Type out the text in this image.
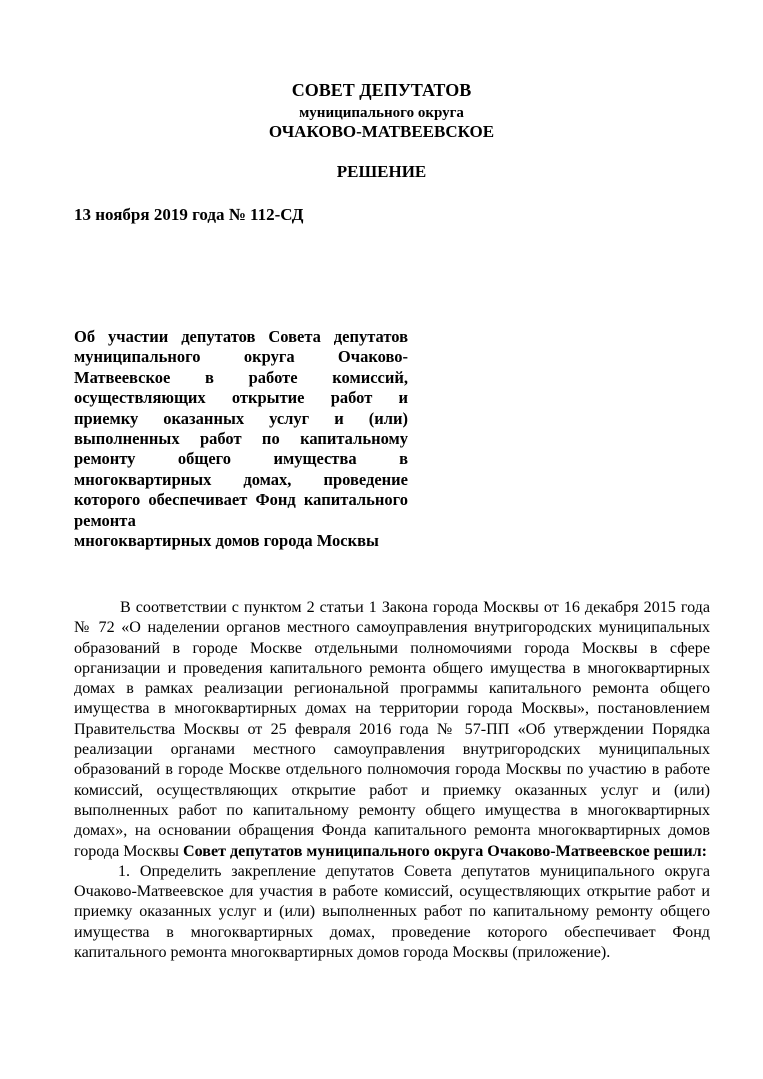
СОВЕТ ДЕПУТАТОВ
муниципального округа
ОЧАКОВО-МАТВЕЕВСКОЕ
РЕШЕНИЕ
13 ноября 2019 года № 112-СД
Об участии депутатов Совета депутатов муниципального округа Очаково-Матвеевское в работе комиссий, осуществляющих открытие работ и приемку оказанных услуг и (или) выполненных работ по капитальному ремонту общего имущества в многоквартирных домах, проведение которого обеспечивает Фонд капитального ремонта
многоквартирных домов города Москвы

В соответствии с пунктом 2 статьи 1 Закона города Москвы от 16 декабря 2015 года № 72 «О наделении органов местного самоуправления внутригородских муниципальных образований в городе Москве отдельными полномочиями города Москвы в сфере организации и проведения капитального ремонта общего имущества в многоквартирных домах в рамках реализации региональной программы капитального ремонта общего имущества в многоквартирных домах на территории города Москвы», постановлением Правительства Москвы от 25 февраля 2016 года № 57-ПП «Об утверждении Порядка реализации органами местного самоуправления внутригородских муниципальных образований в городе Москве отдельного полномочия города Москвы по участию в работе комиссий, осуществляющих открытие работ и приемку оказанных услуг и (или) выполненных работ по капитальному ремонту общего имущества в многоквартирных домах», на основании обращения Фонда капитального ремонта многоквартирных домов города Москвы Совет депутатов муниципального округа Очаково-Матвеевское решил:

1. Определить закрепление депутатов Совета депутатов муниципального округа Очаково-Матвеевское для участия в работе комиссий, осуществляющих открытие работ и приемку оказанных услуг и (или) выполненных работ по капитальному ремонту общего имущества в многоквартирных домах, проведение которого обеспечивает Фонд капитального ремонта многоквартирных домов города Москвы (приложение).
